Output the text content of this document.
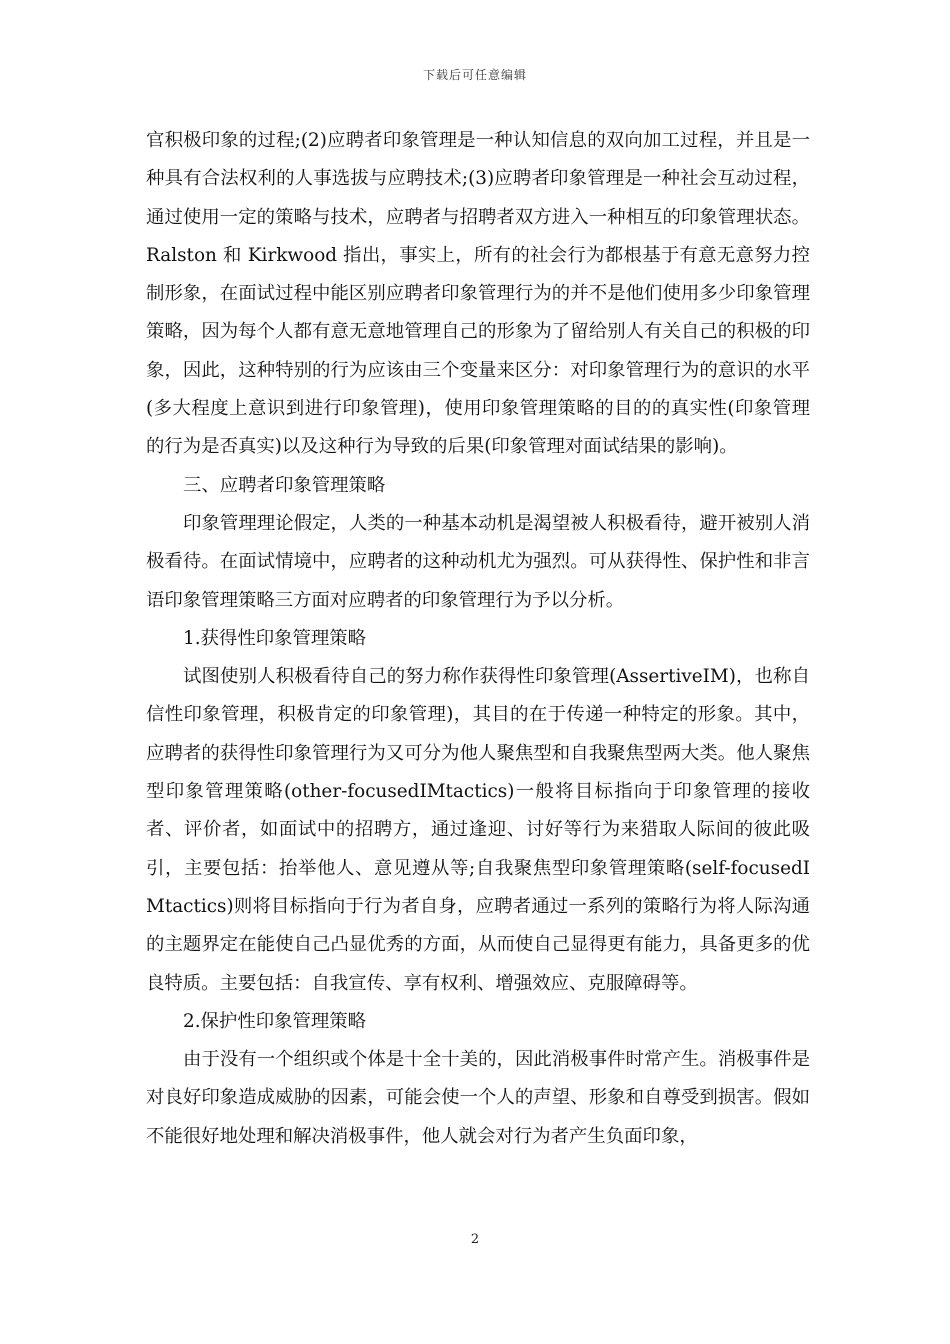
下载后可任意编辑

官积极印象的过程;(2)应聘者印象管理是一种认知信息的双向加工过程，并且是一种具有合法权利的人事选拔与应聘技术;(3)应聘者印象管理是一种社会互动过程，通过使用一定的策略与技术，应聘者与招聘者双方进入一种相互的印象管理状态。Ralston 和 Kirkwood 指出，事实上，所有的社会行为都根基于有意无意努力控制形象，在面试过程中能区别应聘者印象管理行为的并不是他们使用多少印象管理策略，因为每个人都有意无意地管理自己的形象为了留给别人有关自己的积极的印象，因此，这种特别的行为应该由三个变量来区分：对印象管理行为的意识的水平(多大程度上意识到进行印象管理)，使用印象管理策略的目的的真实性(印象管理的行为是否真实)以及这种行为导致的后果(印象管理对面试结果的影响)。

三、应聘者印象管理策略

印象管理理论假定，人类的一种基本动机是渴望被人积极看待，避开被别人消极看待。在面试情境中，应聘者的这种动机尤为强烈。可从获得性、保护性和非言语印象管理策略三方面对应聘者的印象管理行为予以分析。

1.获得性印象管理策略

试图使别人积极看待自己的努力称作获得性印象管理(AssertiveIM)，也称自信性印象管理，积极肯定的印象管理)，其目的在于传递一种特定的形象。其中，应聘者的获得性印象管理行为又可分为他人聚焦型和自我聚焦型两大类。他人聚焦型印象管理策略(other-focusedIMtactics)一般将目标指向于印象管理的接收者、评价者，如面试中的招聘方，通过逢迎、讨好等行为来猎取人际间的彼此吸引，主要包括：抬举他人、意见遵从等;自我聚焦型印象管理策略(self-focusedIMtactics)则将目标指向于行为者自身，应聘者通过一系列的策略行为将人际沟通的主题界定在能使自己凸显优秀的方面，从而使自己显得更有能力，具备更多的优良特质。主要包括：自我宣传、享有权利、增强效应、克服障碍等。

2.保护性印象管理策略

由于没有一个组织或个体是十全十美的，因此消极事件时常产生。消极事件是对良好印象造成威胁的因素，可能会使一个人的声望、形象和自尊受到损害。假如不能很好地处理和解决消极事件，他人就会对行为者产生负面印象，

2
